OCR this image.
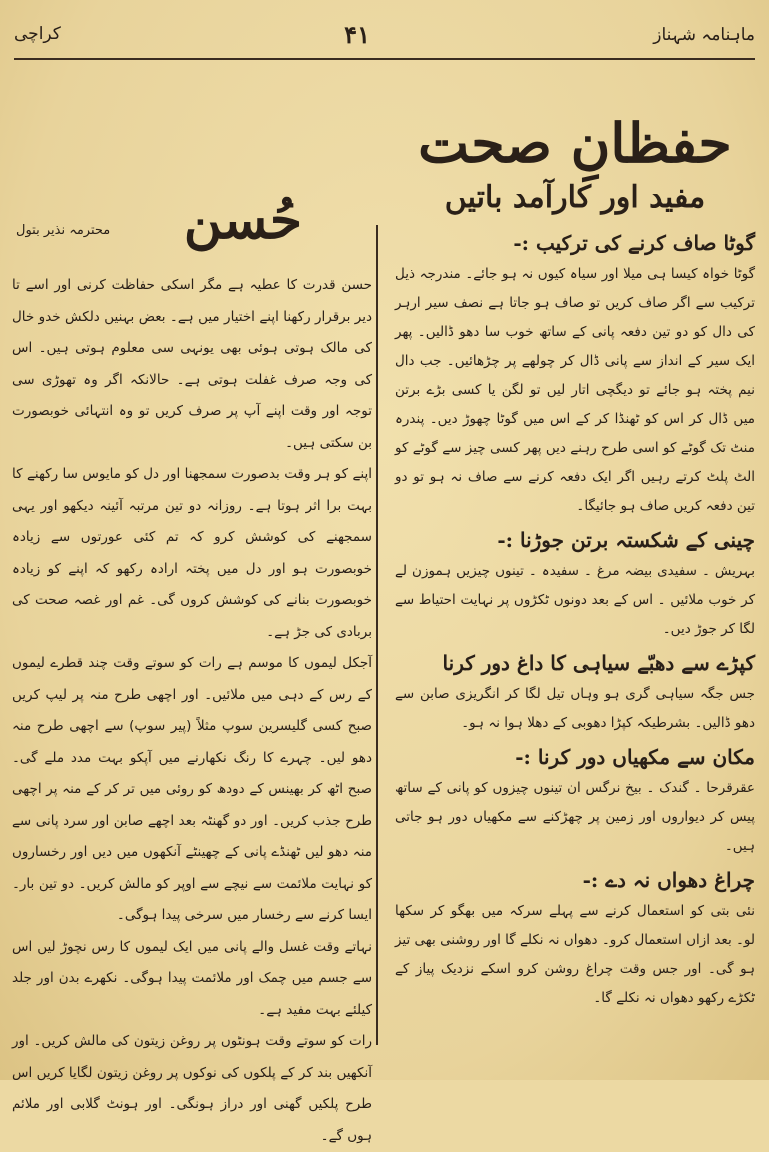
ماہنامہ شہناز
۴۱
کراچی
حفظانِ صحت
مفید اور کارآمد باتیں
گوٹا صاف کرنے کی ترکیب :-

گوٹا خواہ کیسا ہی میلا اور سیاہ کیوں نہ ہو جائے۔ مندرجہ ذیل ترکیب سے اگر صاف کریں تو صاف ہو جاتا ہے نصف سیر ارہر کی دال کو دو تین دفعہ پانی کے ساتھ خوب سا دھو ڈالیں۔ پھر ایک سیر کے انداز سے پانی ڈال کر چولھے پر چڑھائیں۔ جب دال نیم پختہ ہو جائے تو دیگچی اتار لیں تو لگن یا کسی بڑے برتن میں ڈال کر اس کو ٹھنڈا کر کے اس میں گوٹا چھوڑ دیں۔ پندرہ منٹ تک گوٹے کو اسی طرح رہنے دیں پھر کسی چیز سے گوٹے کو الٹ پلٹ کرتے رہیں اگر ایک دفعہ کرنے سے صاف نہ ہو تو دو تین دفعہ کریں صاف ہو جائیگا۔

چینی کے شکستہ برتن جوڑنا :-

بہریش ۔ سفیدی بیضہ مرغ ۔ سفیدہ ۔ تینوں چیزیں ہموزن لے کر خوب ملائیں ۔ اس کے بعد دونوں ٹکڑوں پر نہایت احتیاط سے لگا کر جوڑ دیں۔

کپڑے سے دھبّے سیاہی کا داغ دور کرنا

جس جگہ سیاہی گری ہو وہاں تیل لگا کر انگریزی صابن سے دھو ڈالیں۔ بشرطیکہ کپڑا دھوبی کے دھلا ہوا نہ ہو۔

مکان سے مکھیاں دور کرنا :-

عقرقرحا ۔ گندک ۔ بیخ نرگس ان تینوں چیزوں کو پانی کے ساتھ پیس کر دیواروں اور زمین پر چھڑکنے سے مکھیاں دور ہو جاتی ہیں۔

چراغ دھواں نہ دے :-

نئی بتی کو استعمال کرنے سے پہلے سرکہ میں بھگو کر سکھا لو۔ بعد ازاں استعمال کرو۔ دھواں نہ نکلے گا اور روشنی بھی تیز ہو گی۔ اور جس وقت چراغ روشن کرو اسکے نزدیک پیاز کے ٹکڑے رکھو دھواں نہ نکلے گا۔

حُسن
محترمہ نذیر بتول

حسن قدرت کا عطیہ ہے مگر اسکی حفاظت کرنی اور اسے تا دیر برقرار رکھنا اپنے اختیار میں ہے۔ بعض بہنیں دلکش خدو خال کی مالک ہوتی ہوئی بھی یونہی سی معلوم ہوتی ہیں۔ اس کی وجہ صرف غفلت ہوتی ہے۔ حالانکہ اگر وہ تھوڑی سی توجہ اور وقت اپنے آپ پر صرف کریں تو وہ انتہائی خوبصورت بن سکتی ہیں۔

اپنے کو ہر وقت بدصورت سمجھنا اور دل کو مایوس سا رکھنے کا بہت برا اثر ہوتا ہے۔ روزانہ دو تین مرتبہ آئینہ دیکھو اور یہی سمجھنے کی کوشش کرو کہ تم کئی عورتوں سے زیادہ خوبصورت ہو اور دل میں پختہ ارادہ رکھو کہ اپنے کو زیادہ خوبصورت بنانے کی کوشش کروں گی۔ غم اور غصہ صحت کی بربادی کی جڑ ہے۔

آجکل لیموں کا موسم ہے رات کو سوتے وقت چند قطرے لیموں کے رس کے دہی میں ملائیں۔ اور اچھی طرح منہ پر لیپ کریں صبح کسی گلیسرین سوپ مثلاً (پیر سوپ) سے اچھی طرح منہ دھو لیں۔ چہرے کا رنگ نکھارنے میں آپکو بہت مدد ملے گی۔ صبح اٹھ کر بھینس کے دودھ کو روئی میں تر کر کے منہ پر اچھی طرح جذب کریں۔ اور دو گھنٹہ بعد اچھے صابن اور سرد پانی سے منہ دھو لیں ٹھنڈے پانی کے چھینٹے آنکھوں میں دیں اور رخساروں کو نہایت ملائمت سے نیچے سے اوپر کو مالش کریں۔ دو تین بار۔ ایسا کرنے سے رخسار میں سرخی پیدا ہوگی۔

نہاتے وقت غسل والے پانی میں ایک لیموں کا رس نچوڑ لیں اس سے جسم میں چمک اور ملائمت پیدا ہوگی۔ نکھرے بدن اور جلد کیلئے بہت مفید ہے۔

رات کو سوتے وقت ہونٹوں پر روغن زیتون کی مالش کریں۔ اور آنکھیں بند کر کے پلکوں کی نوکوں پر روغن زیتون لگایا کریں اس طرح پلکیں گھنی اور دراز ہونگی۔ اور ہونٹ گلابی اور ملائم ہوں گے۔
